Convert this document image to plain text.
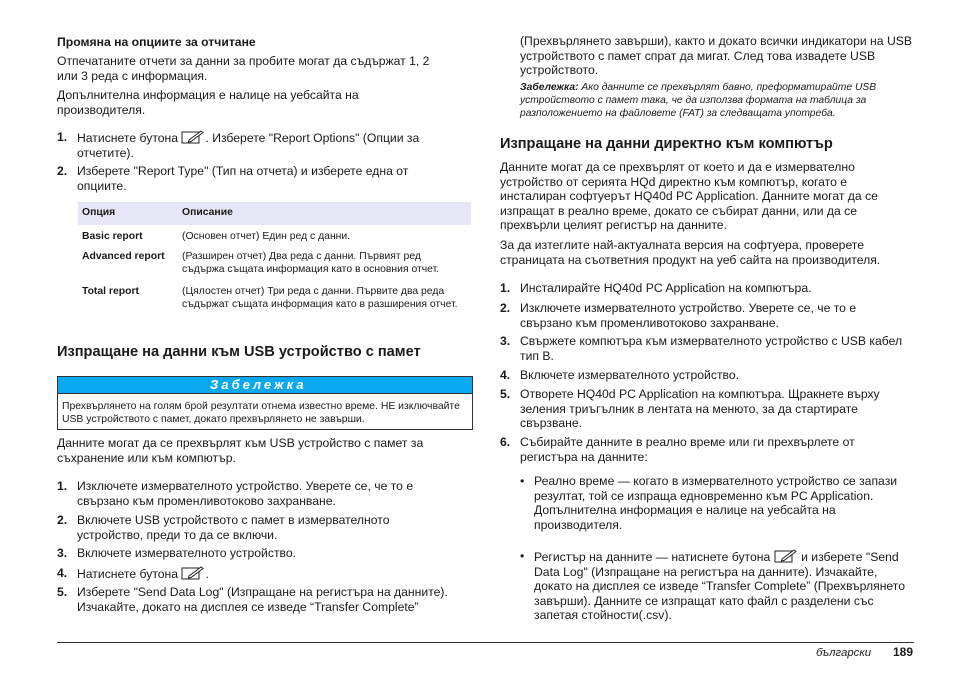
Промяна на опциите за отчитане

Отпечатаните отчети за данни за пробите могат да съдържат 1, 2 или 3 реда с информация.

Допълнителна информация е налице на уебсайта на производителя.

1. Натиснете бутона . Изберете "Report Options" (Опции за отчетите).
2. Изберете "Report Type" (Тип на отчета) и изберете една от опциите.
Опция	Описание
Basic report	(Основен отчет) Един ред с данни.
Advanced report	(Разширен отчет) Два реда с данни. Първият ред съдържа същата информация като в основния отчет.
Total report	(Цялостен отчет) Три реда с данни. Първите два реда съдържат същата информация като в разширения отчет.
Изпращане на данни към USB устройство с памет
Забележка
Прехвърлянето на голям брой резултати отнема известно време. НЕ изключвайте USB устройството с памет, докато прехвърлянето не завърши.

Данните могат да се прехвърлят към USB устройство с памет за съхранение или към компютър.

1. Изключете измервателното устройство. Уверете се, че то е свързано към променливотоково захранване.
2. Включете USB устройството с памет в измервателното устройство, преди то да се включи.
3. Включете измервателното устройство.
4. Натиснете бутона .
5. Изберете "Send Data Log" (Изпращане на регистъра на данните). Изчакайте, докато на дисплея се изведе “Transfer Complete”

(Прехвърлянето завърши), както и докато всички индикатори на USB устройството с памет спрат да мигат. След това извадете USB устройството.

Забележка: Ако данните се прехвърлят бавно, преформатирайте USB устройството с памет така, че да използва формата на таблица за разположението на файловете (FAT) за следващата употреба.

Изпращане на данни директно към компютър

Данните могат да се прехвърлят от което и да е измервателно устройство от серията HQd директно към компютър, когато е инсталиран софтуерът HQ40d PC Application. Данните могат да се изпращат в реално време, докато се събират данни, или да се прехвърли целият регистър на данните.

За да изтеглите най-актуалната версия на софтуера, проверете страницата на съответния продукт на уеб сайта на производителя.

1. Инсталирайте HQ40d PC Application на компютъра.
2. Изключете измервателното устройство. Уверете се, че то е свързано към променливотоково захранване.
3. Свържете компютъра към измервателното устройство с USB кабел тип B.
4. Включете измервателното устройство.
5. Отворете HQ40d PC Application на компютъра. Щракнете върху зеления триъгълник в лентата на менюто, за да стартирате свързване.
6. Събирайте данните в реално време или ги прехвърлете от регистъра на данните:
• Реално време — когато в измервателното устройство се запази резултат, той се изпраща едновременно към PC Application.
Допълнителна информация е налице на уебсайта на производителя.
• Регистър на данните — натиснете бутона  и изберете "Send Data Log" (Изпращане на регистъра на данните). Изчакайте, докато на дисплея се изведе “Transfer Complete” (Прехвърлянето завърши). Данните се изпращат като файл с разделени със запетая стойности(.csv).
български 189
